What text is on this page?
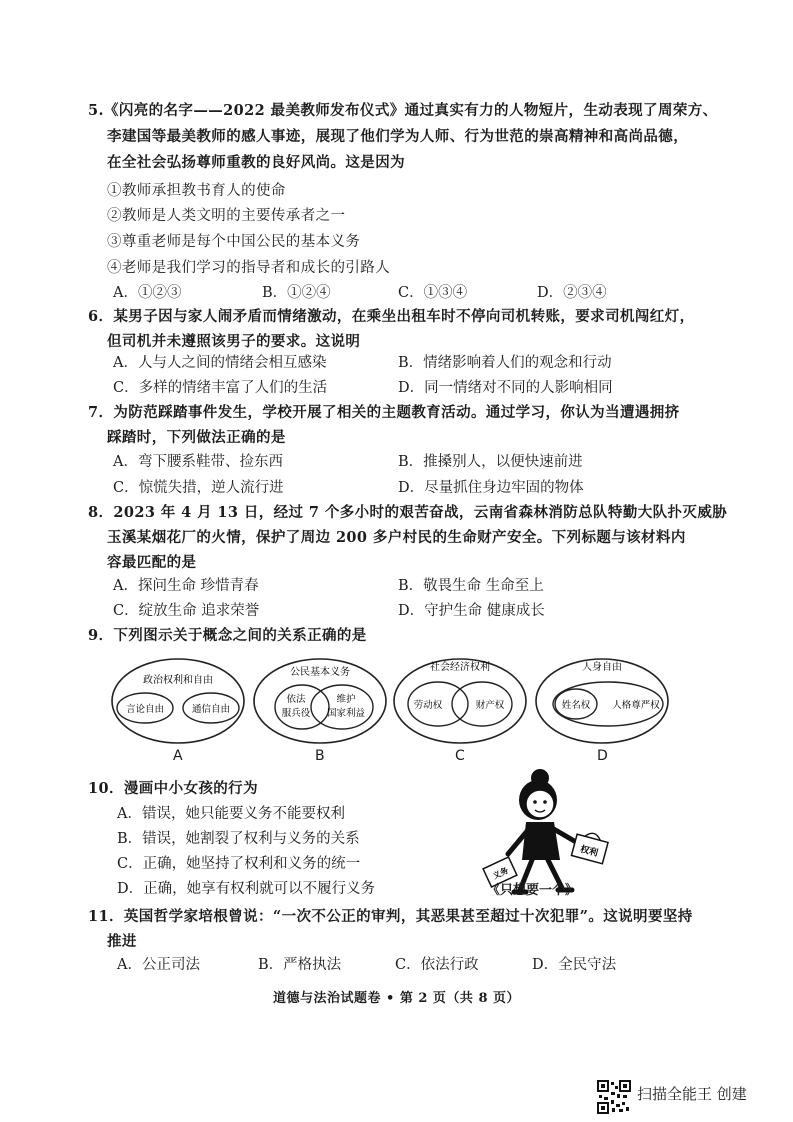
5.《闪亮的名字——2022 最美教师发布仪式》通过真实有力的人物短片，生动表现了周荣方、
李建国等最美教师的感人事迹，展现了他们学为人师、行为世范的崇高精神和高尚品德，
在全社会弘扬尊师重教的良好风尚。这是因为
①教师承担教书育人的使命
②教师是人类文明的主要传承者之一
③尊重老师是每个中国公民的基本义务
④老师是我们学习的指导者和成长的引路人
A．①②③	B．①②④	C．①③④	D．②③④
6．某男子因与家人闹矛盾而情绪激动，在乘坐出租车时不停向司机转账，要求司机闯红灯，
但司机并未遵照该男子的要求。这说明
A．人与人之间的情绪会相互感染	B．情绪影响着人们的观念和行动
C．多样的情绪丰富了人们的生活	D．同一情绪对不同的人影响相同
7．为防范踩踏事件发生，学校开展了相关的主题教育活动。通过学习，你认为当遭遇拥挤
踩踏时，下列做法正确的是
A．弯下腰系鞋带、捡东西	B．推搡别人，以便快速前进
C．惊慌失措，逆人流行进	D．尽量抓住身边牢固的物体
8．2023 年 4 月 13 日，经过 7 个多小时的艰苦奋战，云南省森林消防总队特勤大队扑灭威胁
玉溪某烟花厂的火情，保护了周边 200 多户村民的生命财产安全。下列标题与该材料内
容最匹配的是
A．探问生命 珍惜青春	B．敬畏生命 生命至上
C．绽放生命 追求荣誉	D．守护生命 健康成长
9．下列图示关于概念之间的关系正确的是
政治权利和自由
言论自由	通信自由
A
公民基本义务
依法
服兵役
维护
国家利益
B
社会经济权利
劳动权	财产权
C
人身自由
人格尊严权
姓名权
D
10．漫画中小女孩的行为
A．错误，她只能要义务不能要权利
B．错误，她割裂了权利与义务的关系
C．正确，她坚持了权利和义务的统一
D．正确，她享有权利就可以不履行义务
权利
义务
《只想要一个》
11．英国哲学家培根曾说：“一次不公正的审判，其恶果甚至超过十次犯罪”。这说明要坚持
推进
A．公正司法	B．严格执法	C．依法行政	D．全民守法
道德与法治试题卷 • 第 2 页（共 8 页）
扫描全能王 创建
